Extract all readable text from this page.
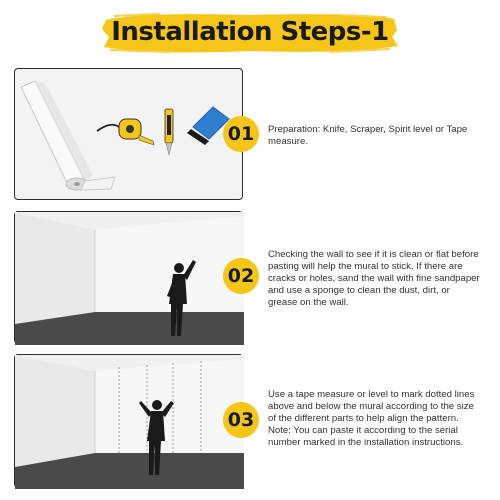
Installation Steps-1
01	Preparation: Knife, Scraper, Spirit level or Tape measure.
02
Checking the wall to see if it is clean or flat before pasting will help the mural to stick. If there are cracks or holes, sand the wall with fine sandpaper and use a sponge to clean the dust, dirt, or grease on the wall.
03
Use a tape measure or level to mark dotted lines above and below the mural according to the size of the different parts to help align the pattern.
Note: You can paste it according to the serial number marked in the installation instructions.
